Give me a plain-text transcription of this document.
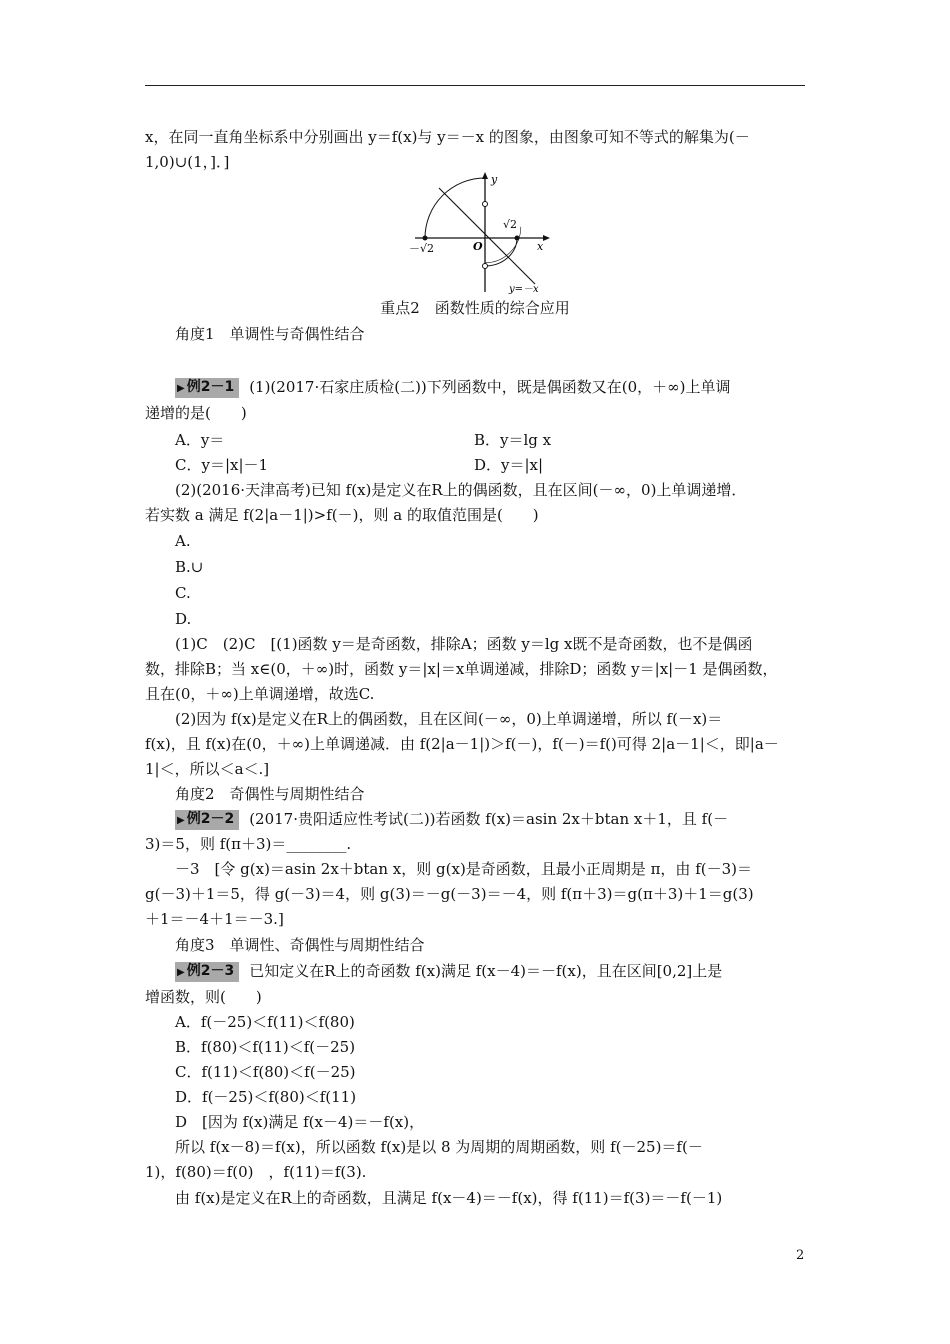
x，在同一直角坐标系中分别画出 y＝f(x)与 y＝－x 的图象，由图象可知不等式的解集为(－
1,0)∪(1，]．]
y
x
O
－√2
√2
y=－x
重点2　函数性质的综合应用
角度1　单调性与奇偶性结合
▶ 例2－1 (1)(2017·石家庄质检(二))下列函数中，既是偶函数又在(0，＋∞)上单调
递增的是(　　)
A．y＝	B．y＝lg x
C．y＝|x|－1	D．y＝|x|
(2)(2016·天津高考)已知 f(x)是定义在R上的偶函数，且在区间(－∞，0)上单调递增．
若实数 a 满足 f(2|a－1|)>f(－)，则 a 的取值范围是(　　)
A.
B.∪
C.
D.
(1)C　(2)C　[(1)函数 y＝是奇函数，排除A；函数 y＝lg x既不是奇函数，也不是偶函
数，排除B；当 x∈(0，＋∞)时，函数 y＝|x|＝x单调递减，排除D；函数 y＝|x|－1 是偶函数，
且在(0，＋∞)上单调递增，故选C.
(2)因为 f(x)是定义在R上的偶函数，且在区间(－∞，0)上单调递增，所以 f(－x)＝
f(x)，且 f(x)在(0，＋∞)上单调递减．由 f(2|a－1|)＞f(－)，f(－)＝f()可得 2|a－1|＜，即|a－
1|＜，所以＜a＜.]
角度2　奇偶性与周期性结合
▶ 例2－2 (2017·贵阳适应性考试(二))若函数 f(x)＝asin 2x＋btan x＋1，且 f(－
3)＝5，则 f(π＋3)＝________.
－3　[令 g(x)＝asin 2x＋btan x，则 g(x)是奇函数，且最小正周期是 π，由 f(－3)＝
g(－3)＋1＝5，得 g(－3)＝4，则 g(3)＝－g(－3)＝－4，则 f(π＋3)＝g(π＋3)＋1＝g(3)
＋1＝－4＋1＝－3.]
角度3　单调性、奇偶性与周期性结合
▶ 例2－3 已知定义在R上的奇函数 f(x)满足 f(x－4)＝－f(x)，且在区间[0,2]上是
增函数，则(　　)
A．f(－25)＜f(11)＜f(80)
B．f(80)＜f(11)＜f(－25)
C．f(11)＜f(80)＜f(－25)
D．f(－25)＜f(80)＜f(11)
D　[因为 f(x)满足 f(x－4)＝－f(x)，
所以 f(x－8)＝f(x)，所以函数 f(x)是以 8 为周期的周期函数，则 f(－25)＝f(－
1)，f(80)＝f(0)　，f(11)＝f(3).
由 f(x)是定义在R上的奇函数，且满足 f(x－4)＝－f(x)，得 f(11)＝f(3)＝－f(－1)
2
